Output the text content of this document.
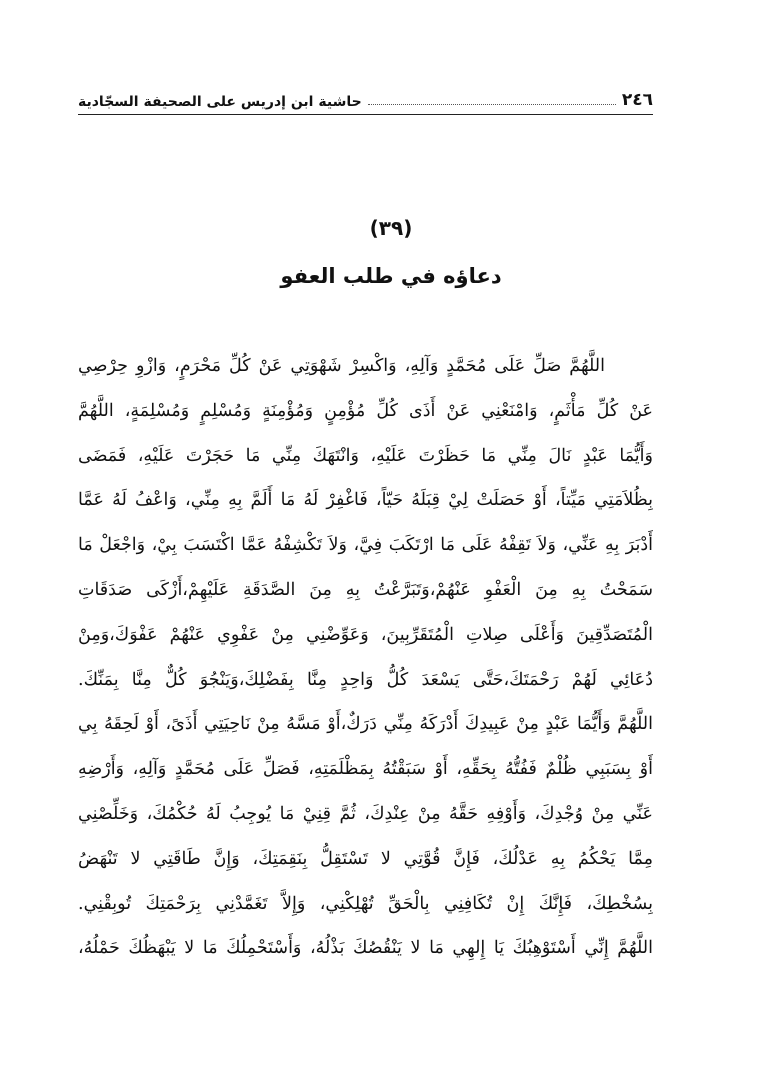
٢٤٦
حاشية ابن إدريس على الصحيفة السجّادية
(٣٩)
دعاؤه في طلب العفو
اللَّهُمَّ صَلِّ عَلَى مُحَمَّدٍ وَآلِهِ، وَاكْسِرْ شَهْوَتِي عَنْ كُلِّ مَحْرَمٍ، وَازْوِ حِرْصِي
عَنْ كُلِّ مَأْثَمٍ، وَامْنَعْنِي عَنْ أَذَى كُلِّ مُؤْمِنٍ وَمُؤْمِنَةٍ وَمُسْلِمٍ وَمُسْلِمَةٍ، اللَّهُمَّ
وَأَيُّمَا عَبْدٍ نَالَ مِنِّي مَا حَظَرْتَ عَلَيْهِ، وَانْتَهَكَ مِنِّي مَا حَجَرْتَ عَلَيْهِ، فَمَضَى
بِظُلاَمَتِي مَيِّتاً، أَوْ حَصَلَتْ لِيْ قِبَلَهُ حَيّاً، فَاغْفِرْ لَهُ مَا أَلَمَّ بِهِ مِنِّي، وَاعْفُ لَهُ عَمَّا
أَدْبَرَ بِهِ عَنِّي، وَلاَ تَقِفْهُ عَلَى مَا ارْتَكَبَ فِيَّ، وَلاَ تَكْشِفْهُ عَمَّا اكْتَسَبَ بِيْ، وَاجْعَلْ مَا
سَمَحْتُ بِهِ مِنَ الْعَفْوِ عَنْهُمْ،وَتَبَرَّعْتُ بِهِ مِنَ الصَّدَقَةِ عَلَيْهِمْ،أَزْكَى صَدَقَاتِ
الْمُتَصَدِّقِينَ وَأَعْلَى صِلاتِ الْمُتَقَرِّبِينَ، وَعَوِّضْنِي مِنْ عَفْوِي عَنْهُمْ عَفْوَكَ،وَمِنْ
دُعَائِي لَهُمْ رَحْمَتَكَ،حَتَّى يَسْعَدَ كُلُّ وَاحِدٍ مِنَّا بِفَضْلِكَ،وَيَنْجُوَ كُلٌّ مِنَّا بِمَنِّكَ.
اللَّهُمَّ وَأَيُّمَا عَبْدٍ مِنْ عَبِيدِكَ أَدْرَكَهُ مِنِّي دَرَكٌ،أَوْ مَسَّهُ مِنْ نَاحِيَتِي أَذَىً، أَوْ لَحِقَهُ بِي
أَوْ بِسَبَبِي ظُلْمٌ فَفُتُّهُ بِحَقِّهِ، أَوْ سَبَقْتُهُ بِمَظْلَمَتِهِ، فَصَلِّ عَلَى مُحَمَّدٍ وَآلِهِ، وَأَرْضِهِ
عَنِّي مِنْ وُجْدِكَ، وَأَوْفِهِ حَقَّهُ مِنْ عِنْدِكَ، ثُمَّ قِنِيْ مَا يُوجِبُ لَهُ حُكْمُكَ، وَخَلِّصْنِي
مِمَّا يَحْكُمُ بِهِ عَدْلُكَ، فَإِنَّ قُوَّتِي لا تَسْتَقِلُّ بِنَقِمَتِكَ، وَإِنَّ طَاقَتِي لا تَنْهَضُ
بِسُخْطِكَ، فَإِنَّكَ إِنْ تُكَافِنِي بِالْحَقِّ تُهْلِكْنِي، وَإِلاَّ تَغَمَّدْنِي بِرَحْمَتِكَ تُوبِقْنِي.
اللَّهُمَّ إِنِّي أَسْتَوْهِبُكَ يَا إِلهِي مَا لا يَنْقُصُكَ بَذْلُهُ، وَأَسْتَحْمِلُكَ مَا لا يَبْهَظُكَ حَمْلُهُ،
